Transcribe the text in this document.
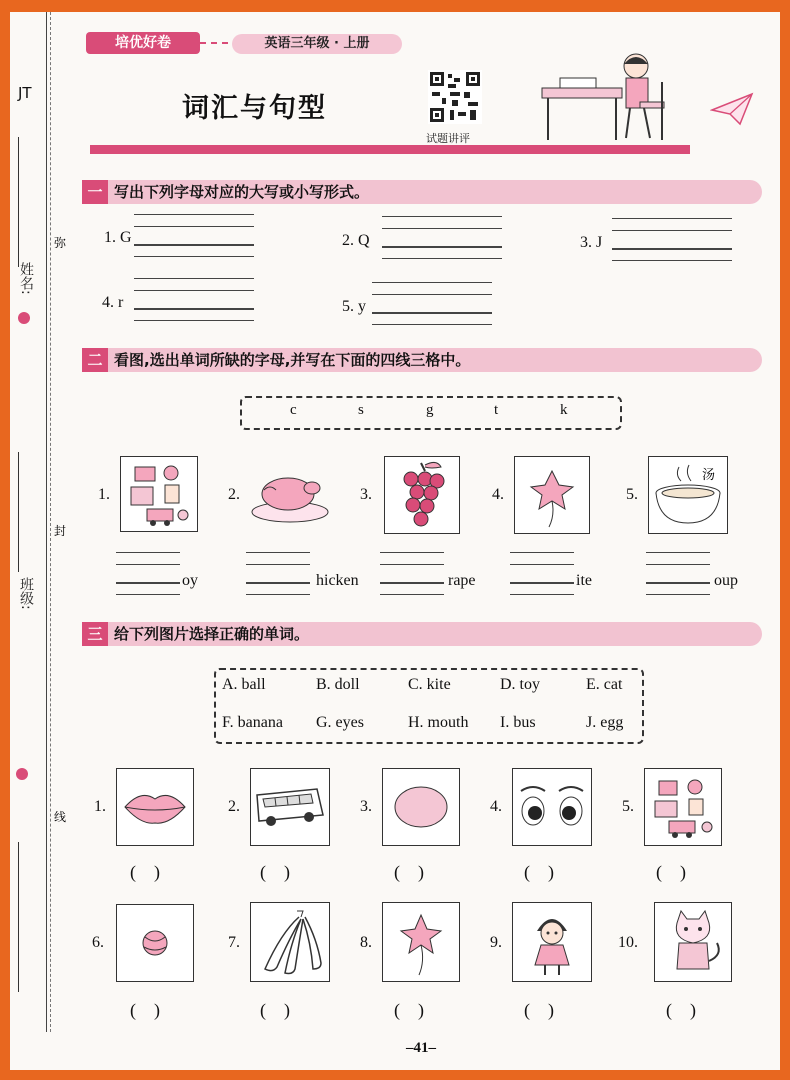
JT
姓名:
班级:
弥
封
线
培优好卷	英语三年级 · 上册
词汇与句型
试题讲评
一 写出下列字母对应的大写或小写形式。
1. G	2. Q	3. J
4. r	5. y
二 看图,选出单词所缺的字母,并写在下面的四线三格中。
c	s	g	t	k
1.
oy
2.
hicken
3.
rape
4.
ite
5.
汤
oup
三 给下列图片选择正确的单词。
A. ball	B. doll	C. kite	D. toy	E. cat
F. banana G. eyes	H. mouth I. bus	J. egg
1.
(    )
2.
(    )
3.
(    )
4.
(    )
5.
(    )
6.
(    )
7.
(    )
8.
(    )
9.
(    )
10.
(    )
–41–
